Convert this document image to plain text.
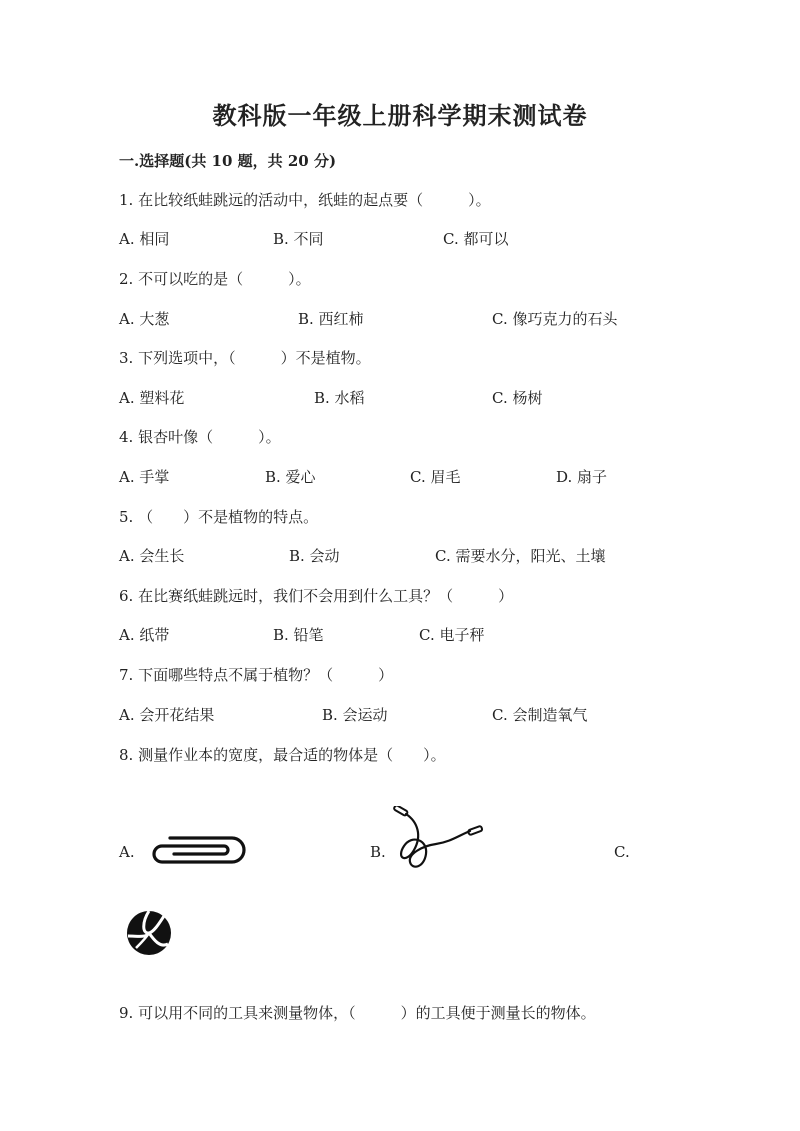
教科版一年级上册科学期末测试卷
一.选择题(共 10 题，共 20 分)
1. 在比较纸蛙跳远的活动中，纸蛙的起点要（　　　）。
A. 相同	B. 不同	C. 都可以
2. 不可以吃的是（　　　）。
A. 大葱	B. 西红柿	C. 像巧克力的石头
3. 下列选项中，（　　　）不是植物。
A. 塑料花	B. 水稻	C. 杨树
4. 银杏叶像（　　　）。
A. 手掌	B. 爱心	C. 眉毛	D. 扇子
5. （　　）不是植物的特点。
A. 会生长	B. 会动	C. 需要水分，阳光、土壤
6. 在比赛纸蛙跳远时，我们不会用到什么工具？（　　　）
A. 纸带	B. 铅笔	C. 电子秤
7. 下面哪些特点不属于植物？（　　　）
A. 会开花结果	B. 会运动	C. 会制造氧气
8. 测量作业本的宽度，最合适的物体是（　　）。
A.	B.	C.
9. 可以用不同的工具来测量物体，（　　　）的工具便于测量长的物体。
